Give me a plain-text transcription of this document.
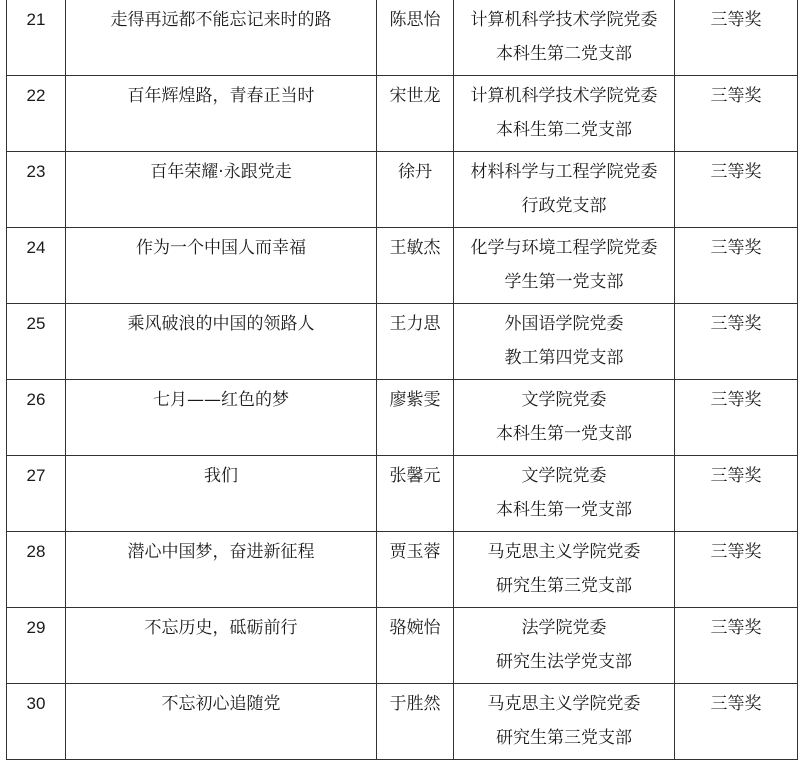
21	走得再远都不能忘记来时的路	陈思怡	计算机科学技术学院党委
本科生第二党支部	三等奖

22	百年辉煌路，青春正当时	宋世龙	计算机科学技术学院党委
本科生第二党支部	三等奖

23	百年荣耀·永跟党走	徐丹	材料科学与工程学院党委
行政党支部	三等奖

24	作为一个中国人而幸福	王敏杰	化学与环境工程学院党委
学生第一党支部	三等奖

25	乘风破浪的中国的领路人	王力思	外国语学院党委
教工第四党支部	三等奖

26	七月——红色的梦	廖紫雯	文学院党委
本科生第一党支部	三等奖

27	我们	张馨元	文学院党委
本科生第一党支部	三等奖

28	潜心中国梦，奋进新征程	贾玉蓉	马克思主义学院党委
研究生第三党支部	三等奖

29	不忘历史，砥砺前行	骆婉怡	法学院党委
研究生法学党支部	三等奖

30	不忘初心追随党	于胜然	马克思主义学院党委
研究生第三党支部	三等奖
